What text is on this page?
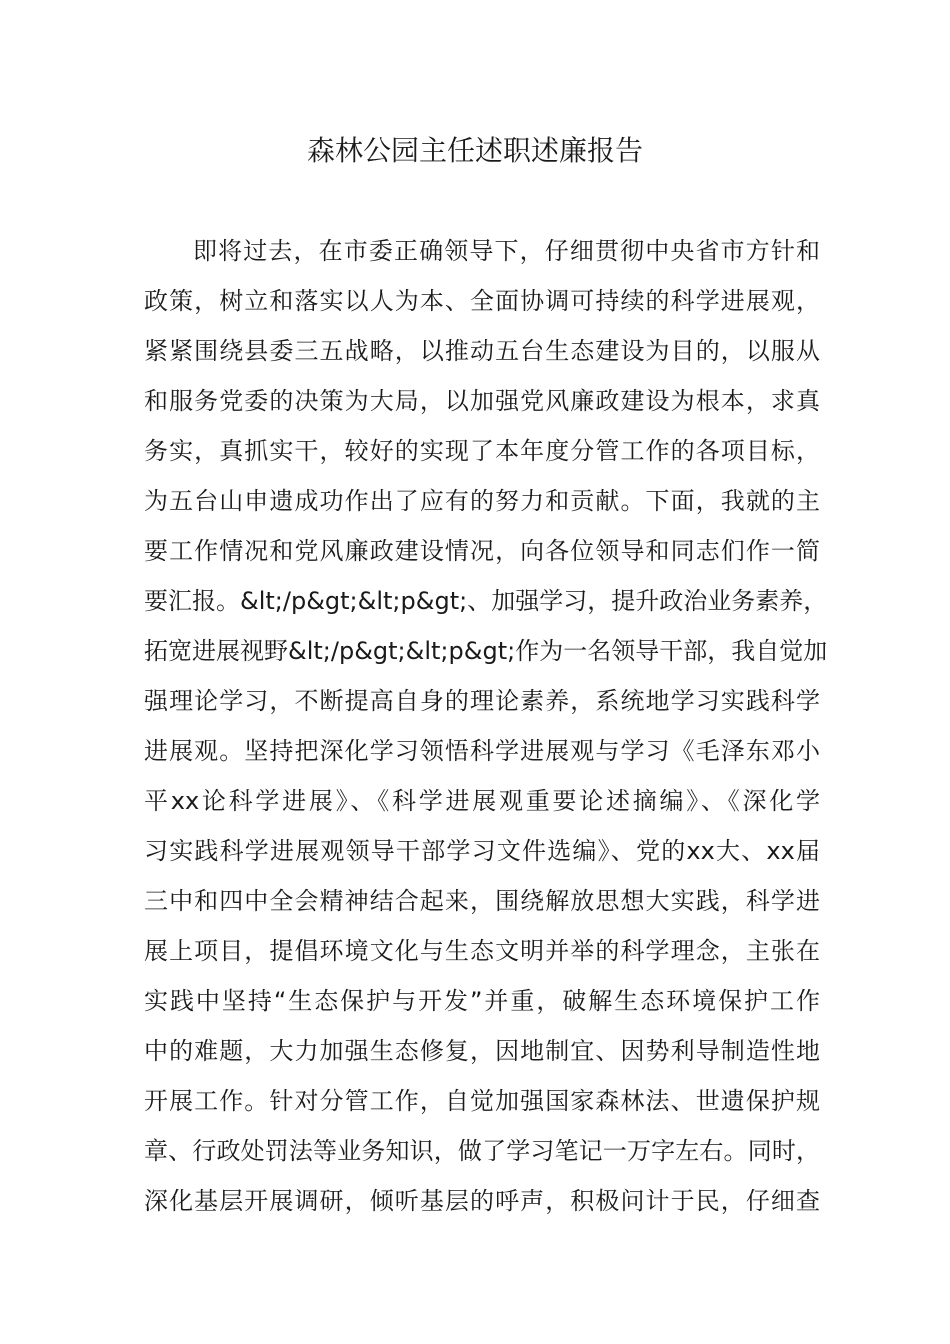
森林公园主任述职述廉报告
即将过去，在市委正确领导下，仔细贯彻中央省市方针和
政策，树立和落实以人为本、全面协调可持续的科学进展观，
紧紧围绕县委三五战略，以推动五台生态建设为目的，以服从
和服务党委的决策为大局，以加强党风廉政建设为根本，求真
务实，真抓实干，较好的实现了本年度分管工作的各项目标，
为五台山申遗成功作出了应有的努力和贡献。下面，我就的主
要工作情况和党风廉政建设情况，向各位领导和同志们作一简
要汇报。&lt;/p&gt;&lt;p&gt;、加强学习，提升政治业务素养，
拓宽进展视野&lt;/p&gt;&lt;p&gt;作为一名领导干部，我自觉加
强理论学习，不断提高自身的理论素养，系统地学习实践科学
进展观。坚持把深化学习领悟科学进展观与学习《毛泽东邓小
平xx论科学进展》、《科学进展观重要论述摘编》、《深化学
习实践科学进展观领导干部学习文件选编》、党的xx大、xx届
三中和四中全会精神结合起来，围绕解放思想大实践，科学进
展上项目，提倡环境文化与生态文明并举的科学理念，主张在
实践中坚持“生态保护与开发”并重，破解生态环境保护工作
中的难题，大力加强生态修复，因地制宜、因势利导制造性地
开展工作。针对分管工作，自觉加强国家森林法、世遗保护规
章、行政处罚法等业务知识，做了学习笔记一万字左右。同时，
深化基层开展调研，倾听基层的呼声，积极问计于民，仔细查
